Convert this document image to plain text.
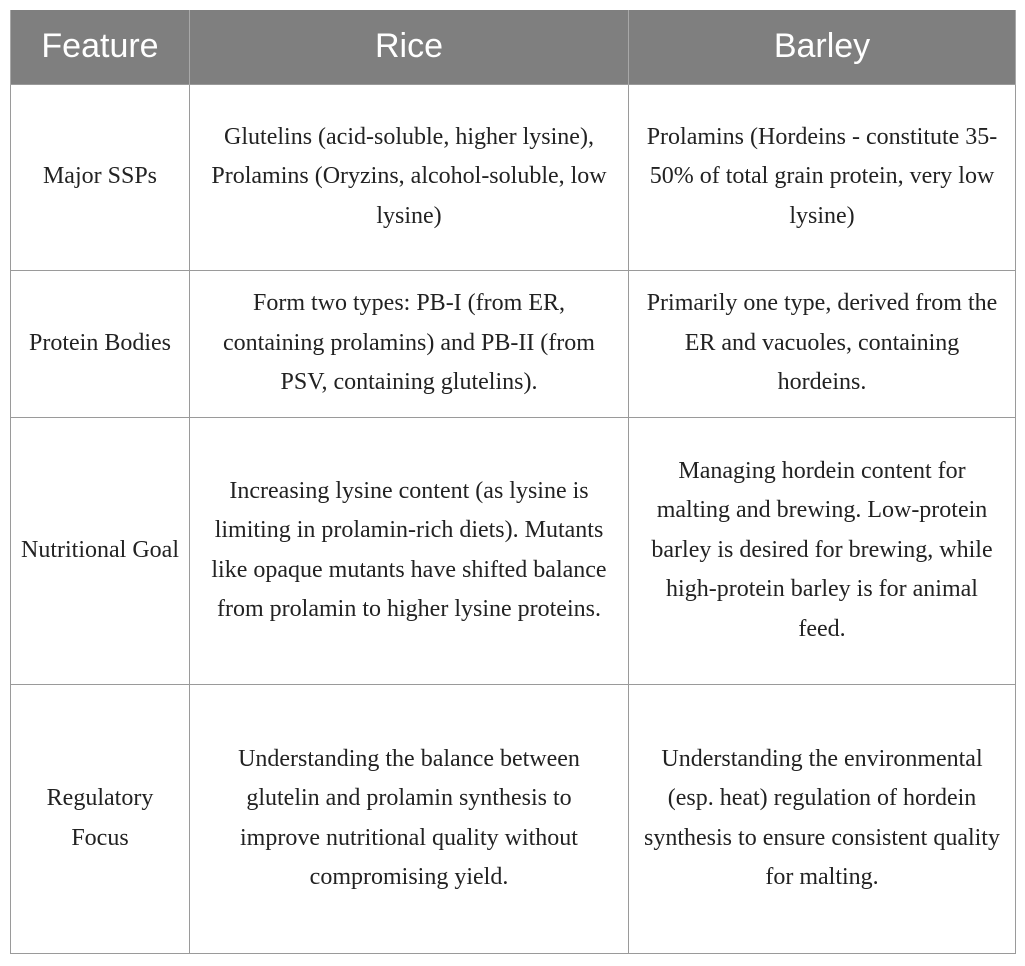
Feature	Rice	Barley
Major SSPs	Glutelins (acid-soluble, higher lysine), Prolamins (Oryzins, alcohol-soluble, low lysine)	Prolamins (Hordeins - constitute 35-50% of total grain protein, very low lysine)
Protein Bodies	Form two types: PB-I (from ER, containing prolamins) and PB-II (from PSV, containing glutelins).	Primarily one type, derived from the ER and vacuoles, containing hordeins.
Nutritional Goal	Increasing lysine content (as lysine is limiting in prolamin-rich diets). Mutants like opaque mutants have shifted balance from prolamin to higher lysine proteins.	Managing hordein content for malting and brewing. Low-protein barley is desired for brewing, while high-protein barley is for animal feed.
Regulatory Focus	Understanding the balance between glutelin and prolamin synthesis to improve nutritional quality without compromising yield.	Understanding the environmental (esp. heat) regulation of hordein synthesis to ensure consistent quality for malting.
